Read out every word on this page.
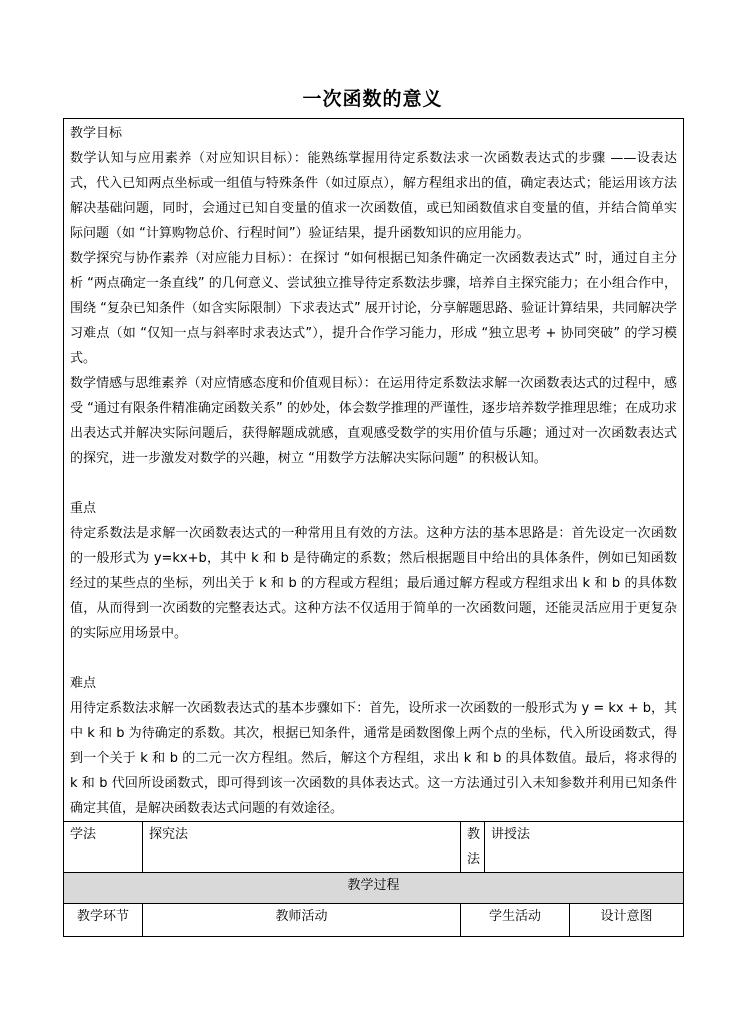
一次函数的意义

教学目标

数学认知与应用素养（对应知识目标）：能熟练掌握用待定系数法求一次函数表达式的步骤 ——设表达式，代入已知两点坐标或一组值与特殊条件（如过原点），解方程组求出的值，确定表达式；能运用该方法解决基础问题，同时，会通过已知自变量的值求一次函数值，或已知函数值求自变量的值，并结合简单实际问题（如 “计算购物总价、行程时间”）验证结果，提升函数知识的应用能力。

数学探究与协作素养（对应能力目标）：在探讨 “如何根据已知条件确定一次函数表达式” 时，通过自主分析 “两点确定一条直线” 的几何意义、尝试独立推导待定系数法步骤，培养自主探究能力；在小组合作中，围绕 “复杂已知条件（如含实际限制）下求表达式” 展开讨论，分享解题思路、验证计算结果，共同解决学习难点（如 “仅知一点与斜率时求表达式”），提升合作学习能力，形成 “独立思考 + 协同突破” 的学习模式。

数学情感与思维素养（对应情感态度和价值观目标）：在运用待定系数法求解一次函数表达式的过程中，感受 “通过有限条件精准确定函数关系” 的妙处，体会数学推理的严谨性，逐步培养数学推理思维；在成功求出表达式并解决实际问题后，获得解题成就感，直观感受数学的实用价值与乐趣；通过对一次函数表达式的探究，进一步激发对数学的兴趣，树立 “用数学方法解决实际问题” 的积极认知。

重点

待定系数法是求解一次函数表达式的一种常用且有效的方法。这种方法的基本思路是：首先设定一次函数的一般形式为 y=kx+b，其中 k 和 b 是待确定的系数；然后根据题目中给出的具体条件，例如已知函数经过的某些点的坐标，列出关于 k 和 b 的方程或方程组；最后通过解方程或方程组求出 k 和 b 的具体数值，从而得到一次函数的完整表达式。这种方法不仅适用于简单的一次函数问题，还能灵活应用于更复杂的实际应用场景中。

难点

用待定系数法求解一次函数表达式的基本步骤如下：首先，设所求一次函数的一般形式为 y = kx + b，其中 k 和 b 为待确定的系数。其次，根据已知条件，通常是函数图像上两个点的坐标，代入所设函数式，得到一个关于 k 和 b 的二元一次方程组。然后，解这个方程组，求出 k 和 b 的具体数值。最后，将求得的 k 和 b 代回所设函数式，即可得到该一次函数的具体表达式。这一方法通过引入未知参数并利用已知条件确定其值，是解决函数表达式问题的有效途径。

学法	探究法	教法	讲授法	
教学过程				
教学环节	教师活动	学生活动		设计意图
